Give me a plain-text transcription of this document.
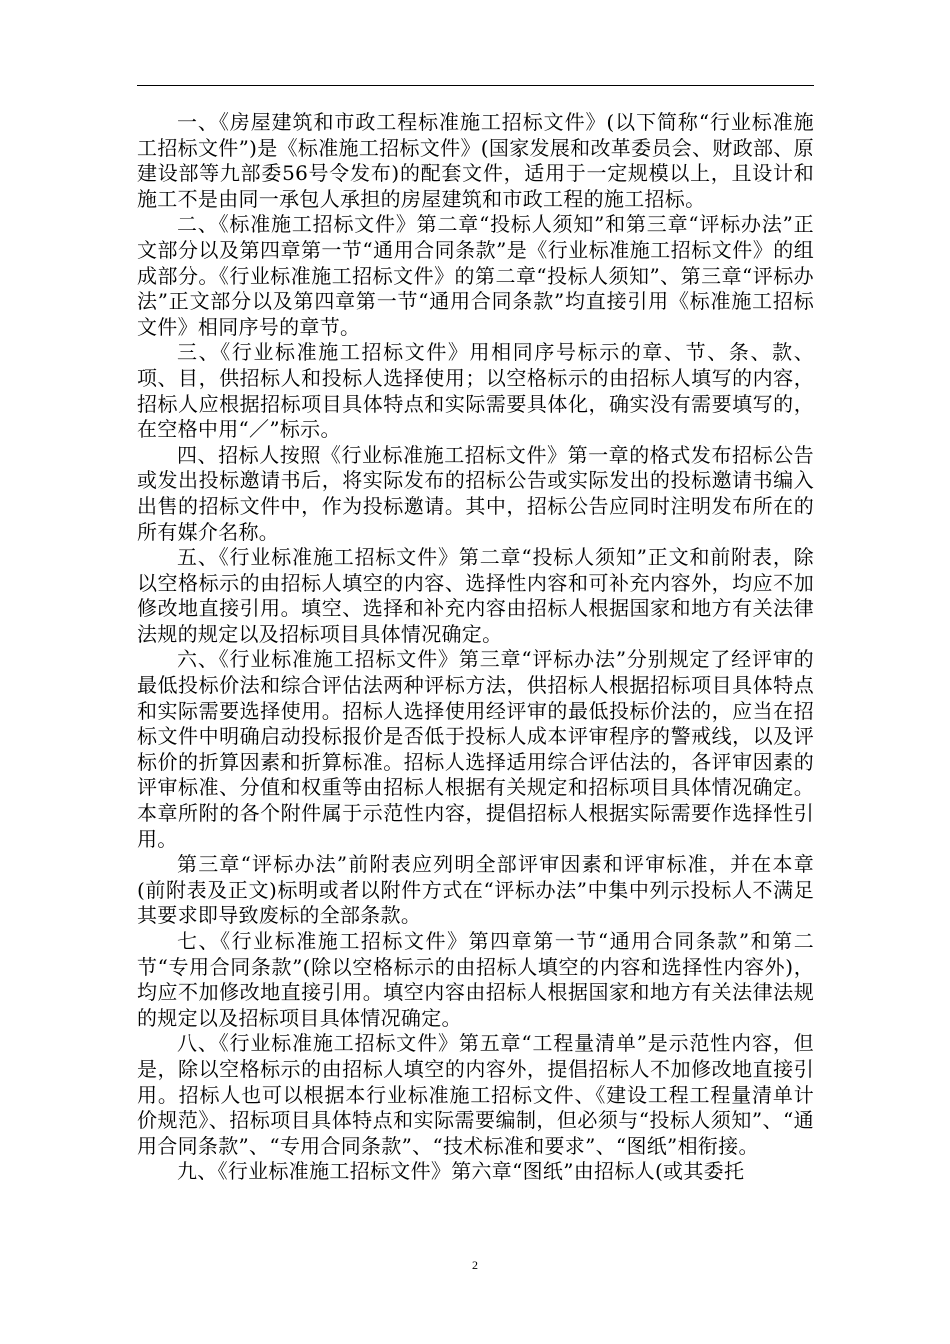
一、《房屋建筑和市政工程标准施工招标文件》(以下简称“行业标准施工招标文件”)是《标准施工招标文件》(国家发展和改革委员会、财政部、原建设部等九部委56号令发布)的配套文件，适用于一定规模以上，且设计和施工不是由同一承包人承担的房屋建筑和市政工程的施工招标。

二、《标准施工招标文件》第二章“投标人须知”和第三章“评标办法”正文部分以及第四章第一节“通用合同条款”是《行业标准施工招标文件》的组成部分。《行业标准施工招标文件》的第二章“投标人须知”、第三章“评标办法”正文部分以及第四章第一节“通用合同条款”均直接引用《标准施工招标文件》相同序号的章节。

三、《行业标准施工招标文件》用相同序号标示的章、节、条、款、项、目，供招标人和投标人选择使用；以空格标示的由招标人填写的内容，招标人应根据招标项目具体特点和实际需要具体化，确实没有需要填写的，在空格中用“／”标示。

四、招标人按照《行业标准施工招标文件》第一章的格式发布招标公告或发出投标邀请书后，将实际发布的招标公告或实际发出的投标邀请书编入出售的招标文件中，作为投标邀请。其中，招标公告应同时注明发布所在的所有媒介名称。

五、《行业标准施工招标文件》第二章“投标人须知”正文和前附表，除以空格标示的由招标人填空的内容、选择性内容和可补充内容外，均应不加修改地直接引用。填空、选择和补充内容由招标人根据国家和地方有关法律法规的规定以及招标项目具体情况确定。

六、《行业标准施工招标文件》第三章“评标办法”分别规定了经评审的最低投标价法和综合评估法两种评标方法，供招标人根据招标项目具体特点和实际需要选择使用。招标人选择使用经评审的最低投标价法的，应当在招标文件中明确启动投标报价是否低于投标人成本评审程序的警戒线，以及评标价的折算因素和折算标准。招标人选择适用综合评估法的，各评审因素的评审标准、分值和权重等由招标人根据有关规定和招标项目具体情况确定。本章所附的各个附件属于示范性内容，提倡招标人根据实际需要作选择性引用。

第三章“评标办法”前附表应列明全部评审因素和评审标准，并在本章(前附表及正文)标明或者以附件方式在“评标办法”中集中列示投标人不满足其要求即导致废标的全部条款。

七、《行业标准施工招标文件》第四章第一节“通用合同条款”和第二节“专用合同条款”(除以空格标示的由招标人填空的内容和选择性内容外)，均应不加修改地直接引用。填空内容由招标人根据国家和地方有关法律法规的规定以及招标项目具体情况确定。

八、《行业标准施工招标文件》第五章“工程量清单”是示范性内容，但是，除以空格标示的由招标人填空的内容外，提倡招标人不加修改地直接引用。招标人也可以根据本行业标准施工招标文件、《建设工程工程量清单计价规范》、招标项目具体特点和实际需要编制，但必须与“投标人须知”、“通用合同条款”、“专用合同条款”、“技术标准和要求”、“图纸”相衔接。

九、《行业标准施工招标文件》第六章“图纸”由招标人(或其委托

2
